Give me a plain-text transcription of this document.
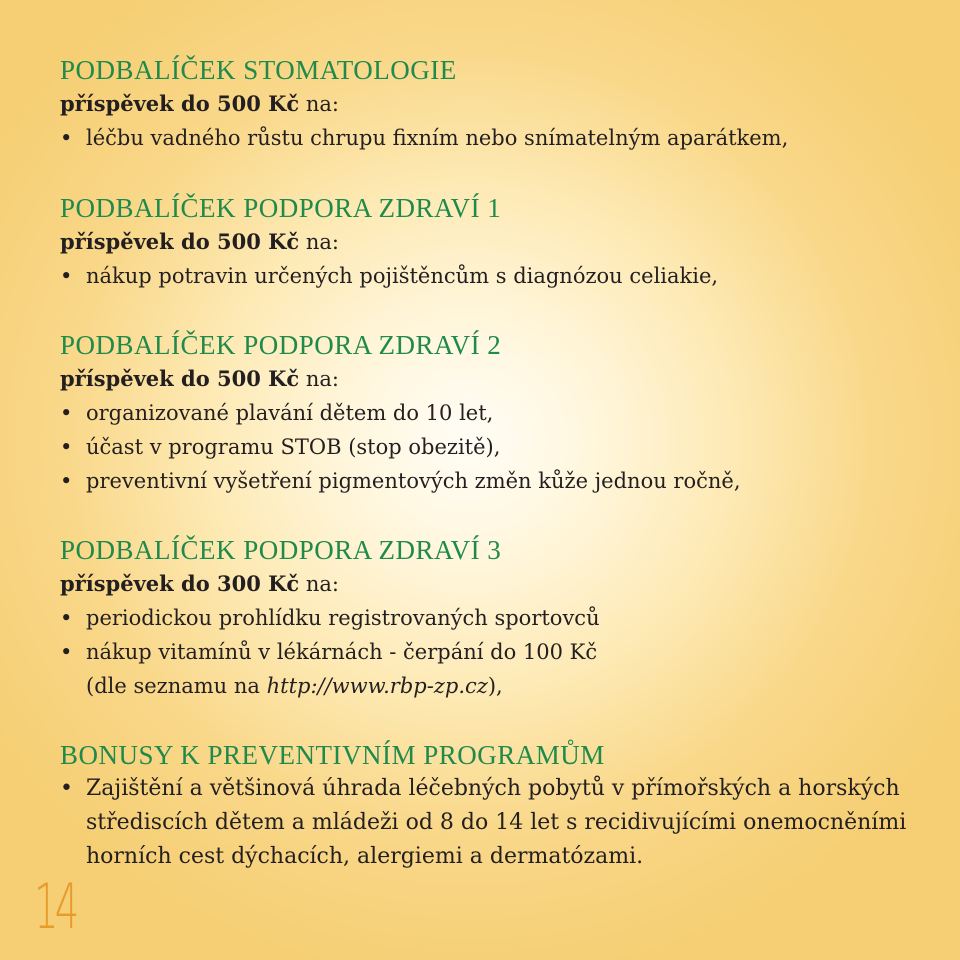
PODBALÍČEK STOMATOLOGIE
příspěvek do 500 Kč na:
• léčbu vadného růstu chrupu fixním nebo snímatelným aparátkem,
PODBALÍČEK PODPORA ZDRAVÍ 1
příspěvek do 500 Kč na:
• nákup potravin určených pojištěncům s diagnózou celiakie,
PODBALÍČEK PODPORA ZDRAVÍ 2
příspěvek do 500 Kč na:
• organizované plavání dětem do 10 let,
• účast v programu STOB (stop obezitě),
• preventivní vyšetření pigmentových změn kůže jednou ročně,
PODBALÍČEK PODPORA ZDRAVÍ 3
příspěvek do 300 Kč na:
• periodickou prohlídku registrovaných sportovců
• nákup vitamínů v lékárnách - čerpání do 100 Kč
(dle seznamu na http://www.rbp-zp.cz),
BONUSY K PREVENTIVNÍM PROGRAMŮM
• Zajištění a většinová úhrada léčebných pobytů v přímořských a horských
střediscích dětem a mládeži od 8 do 14 let s recidivujícími onemocněními
horních cest dýchacích, alergiemi a dermatózami.
14
